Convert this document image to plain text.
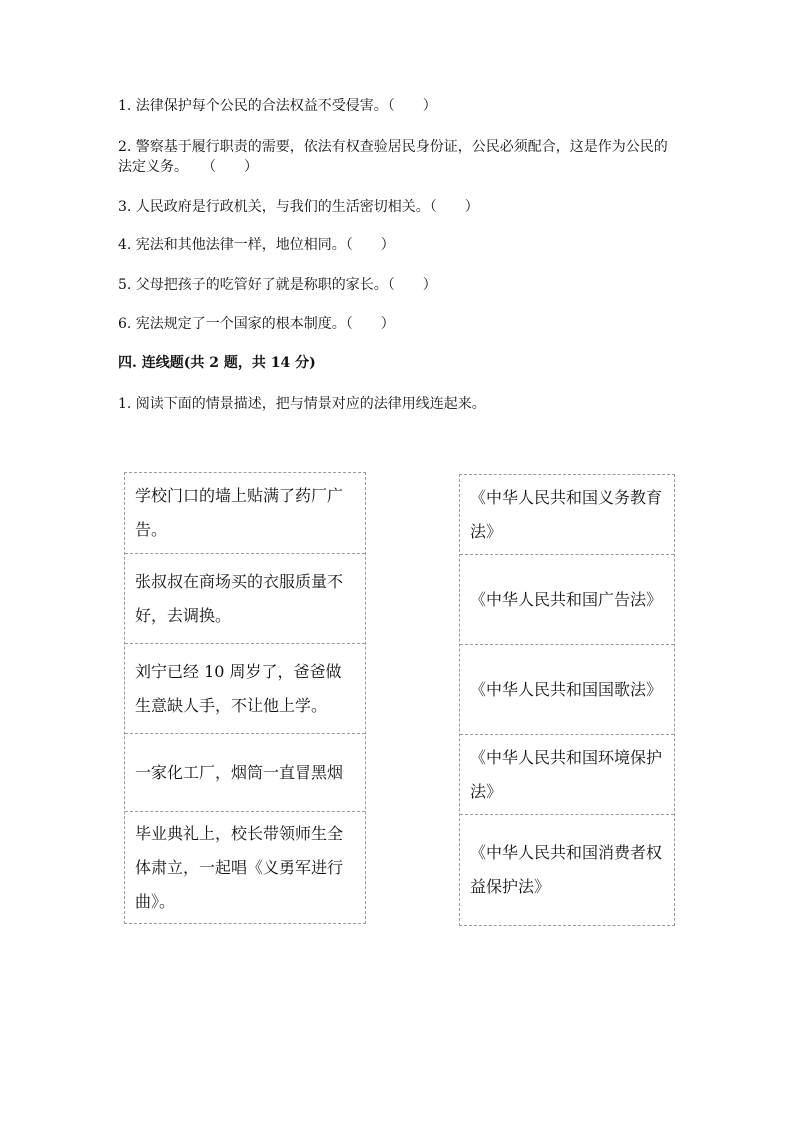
1. 法律保护每个公民的合法权益不受侵害。（　　）

2. 警察基于履行职责的需要，依法有权查验居民身份证，公民必须配合，这是作为公民的法定义务。　　（　　）

3. 人民政府是行政机关，与我们的生活密切相关。（　　）

4. 宪法和其他法律一样，地位相同。（　　）

5. 父母把孩子的吃管好了就是称职的家长。（　　）

6. 宪法规定了一个国家的根本制度。（　　）

四. 连线题(共 2 题，共 14 分)

1. 阅读下面的情景描述，把与情景对应的法律用线连起来。

学校门口的墙上贴满了药厂广告。
张叔叔在商场买的衣服质量不好，去调换。
刘宁已经 10 周岁了，爸爸做生意缺人手，不让他上学。
一家化工厂，烟筒一直冒黑烟
毕业典礼上，校长带领师生全体肃立，一起唱《义勇军进行曲》。
《中华人民共和国义务教育法》
《中华人民共和国广告法》
《中华人民共和国国歌法》
《中华人民共和国环境保护法》
《中华人民共和国消费者权益保护法》
